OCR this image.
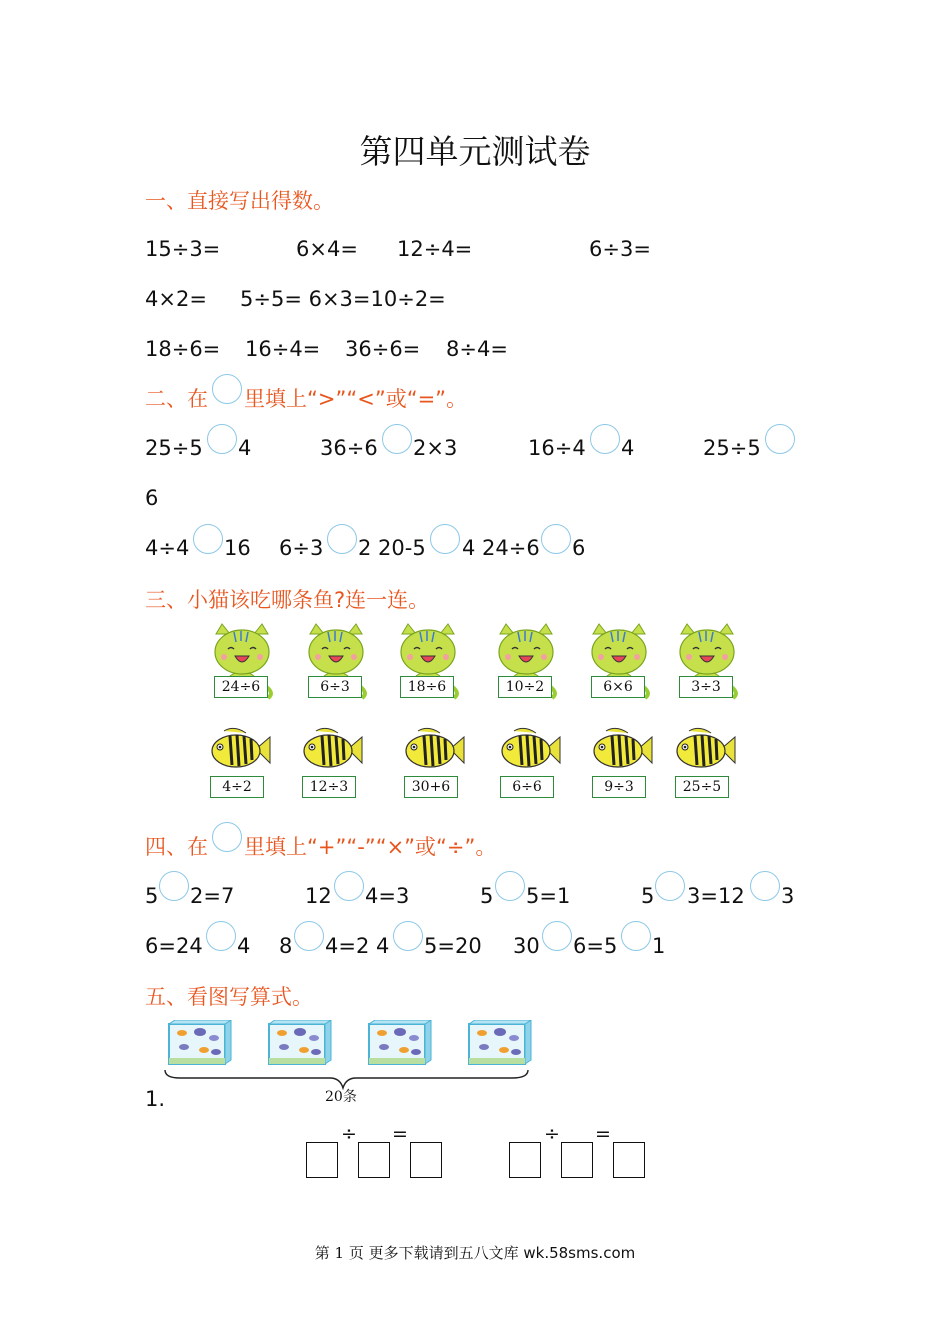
第四单元测试卷
一、直接写出得数。
15÷3=	6×4= 12÷4=	6÷3=
4×2= 5÷5= 6×3=10÷2=
18÷6= 16÷4= 36÷6= 8÷4=
二、在 里填上“>”“<”或“=”。
25÷5 4	36÷6 2×3	16÷4 4	25÷5
6
4÷4 16 6÷3 2 20-5 4 24÷6 6
三、小猫该吃哪条鱼?连一连。
24÷6	6÷3	18÷6	10÷2	6×6	3÷3
4÷2	12÷3	30+6	6÷6	9÷3	25÷5
四、在 里填上“+”“-”“×”或“÷”。
5 2=7	12 4=3	5 5=1	5 3=12 3
6=24 4 8 4=2 4 5=20 30 6=5 1
五、看图写算式。
20条
1.
÷ =	÷ =
第 1 页 更多下载请到五八文库 wk.58sms.com
